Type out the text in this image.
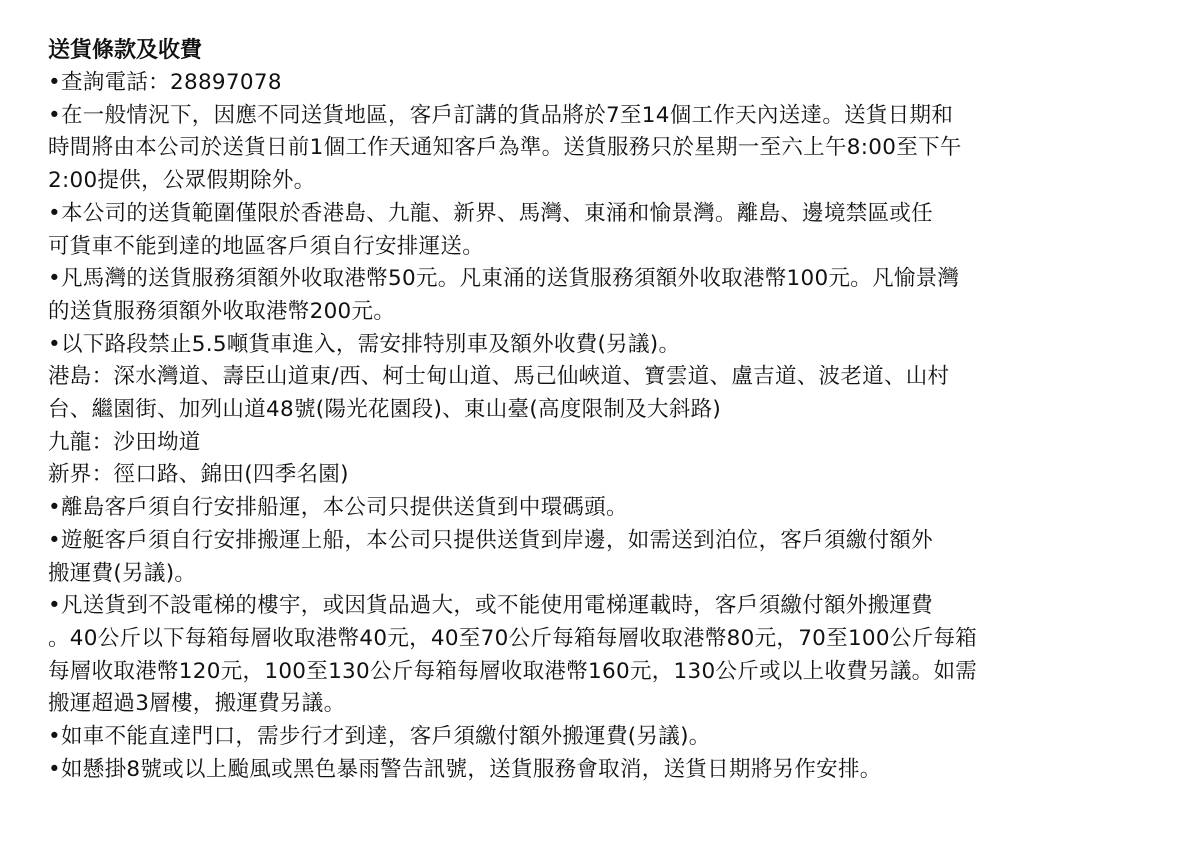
送貨條款及收費

•查詢電話：28897078

•在一般情況下，因應不同送貨地區，客戶訂講的貨品將於7至14個工作天內送達。送貨日期和

時間將由本公司於送貨日前1個工作天通知客戶為準。送貨服務只於星期一至六上午8:00至下午

2:00提供，公眾假期除外。

•本公司的送貨範圍僅限於香港島、九龍、新界、馬灣、東涌和愉景灣。離島、邊境禁區或任

可貨車不能到達的地區客戶須自行安排運送。

•凡馬灣的送貨服務須額外收取港幣50元。凡東涌的送貨服務須額外收取港幣100元。凡愉景灣

的送貨服務須額外收取港幣200元。

•以下路段禁止5.5噸貨車進入，需安排特別車及額外收費(另議)。

港島：深水灣道、壽臣山道東/西、柯士甸山道、馬己仙峽道、寶雲道、盧吉道、波老道、山村

台、繼園街、加列山道48號(陽光花園段)、東山臺(高度限制及大斜路)

九龍：沙田坳道

新界：徑口路、錦田(四季名園)

•離島客戶須自行安排船運，本公司只提供送貨到中環碼頭。

•遊艇客戶須自行安排搬運上船，本公司只提供送貨到岸邊，如需送到泊位，客戶須繳付額外

搬運費(另議)。

•凡送貨到不設電梯的樓宇，或因貨品過大，或不能使用電梯運載時，客戶須繳付額外搬運費

。40公斤以下每箱每層收取港幣40元，40至70公斤每箱每層收取港幣80元，70至100公斤每箱

每層收取港幣120元，100至130公斤每箱每層收取港幣160元，130公斤或以上收費另議。如需

搬運超過3層樓，搬運費另議。

•如車不能直達門口，需步行才到達，客戶須繳付額外搬運費(另議)。

•如懸掛8號或以上颱風或黑色暴雨警告訊號，送貨服務會取消，送貨日期將另作安排。
